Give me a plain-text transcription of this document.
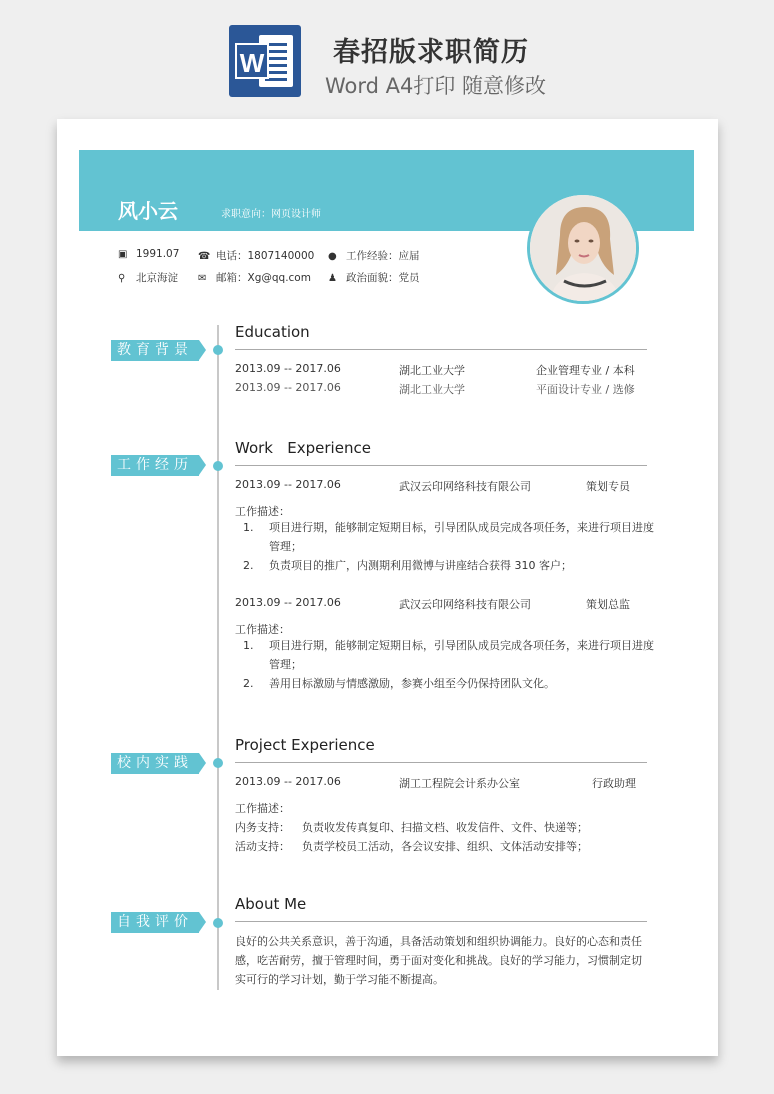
W	春招版求职简历
Word A4打印 随意修改
风小云	求职意向：网页设计师
▣ 1991.07 ☎ 电话：1807140000 ● 工作经验：应届
⚲ 北京海淀 ✉ 邮箱：Xg@qq.com ♟ 政治面貌：党员
教育背景
Education
2013.09 -- 2017.06	湖北工业大学	企业管理专业 / 本科
2013.09 -- 2017.06	湖北工业大学	平面设计专业 / 选修
工作经历
Work   Experience
2013.09 -- 2017.06	武汉云印网络科技有限公司	策划专员
工作描述：
1. 项目进行期，能够制定短期目标，引导团队成员完成各项任务，来进行项目进度管理；
2. 负责项目的推广，内测期利用微博与讲座结合获得 310 客户；
2013.09 -- 2017.06	武汉云印网络科技有限公司	策划总监
工作描述：
1. 项目进行期，能够制定短期目标，引导团队成员完成各项任务，来进行项目进度管理；
2. 善用目标激励与情感激励，参赛小组至今仍保持团队文化。
校内实践
Project Experience
2013.09 -- 2017.06	湖工工程院会计系办公室	行政助理
工作描述：
内务支持： 负责收发传真复印、扫描文档、收发信件、文件、快递等；
活动支持： 负责学校员工活动，各会议安排、组织、文体活动安排等；
自我评价
About Me
良好的公共关系意识，善于沟通，具备活动策划和组织协调能力。良好的心态和责任感，吃苦耐劳，擅于管理时间，勇于面对变化和挑战。良好的学习能力，习惯制定切实可行的学习计划，勤于学习能不断提高。
